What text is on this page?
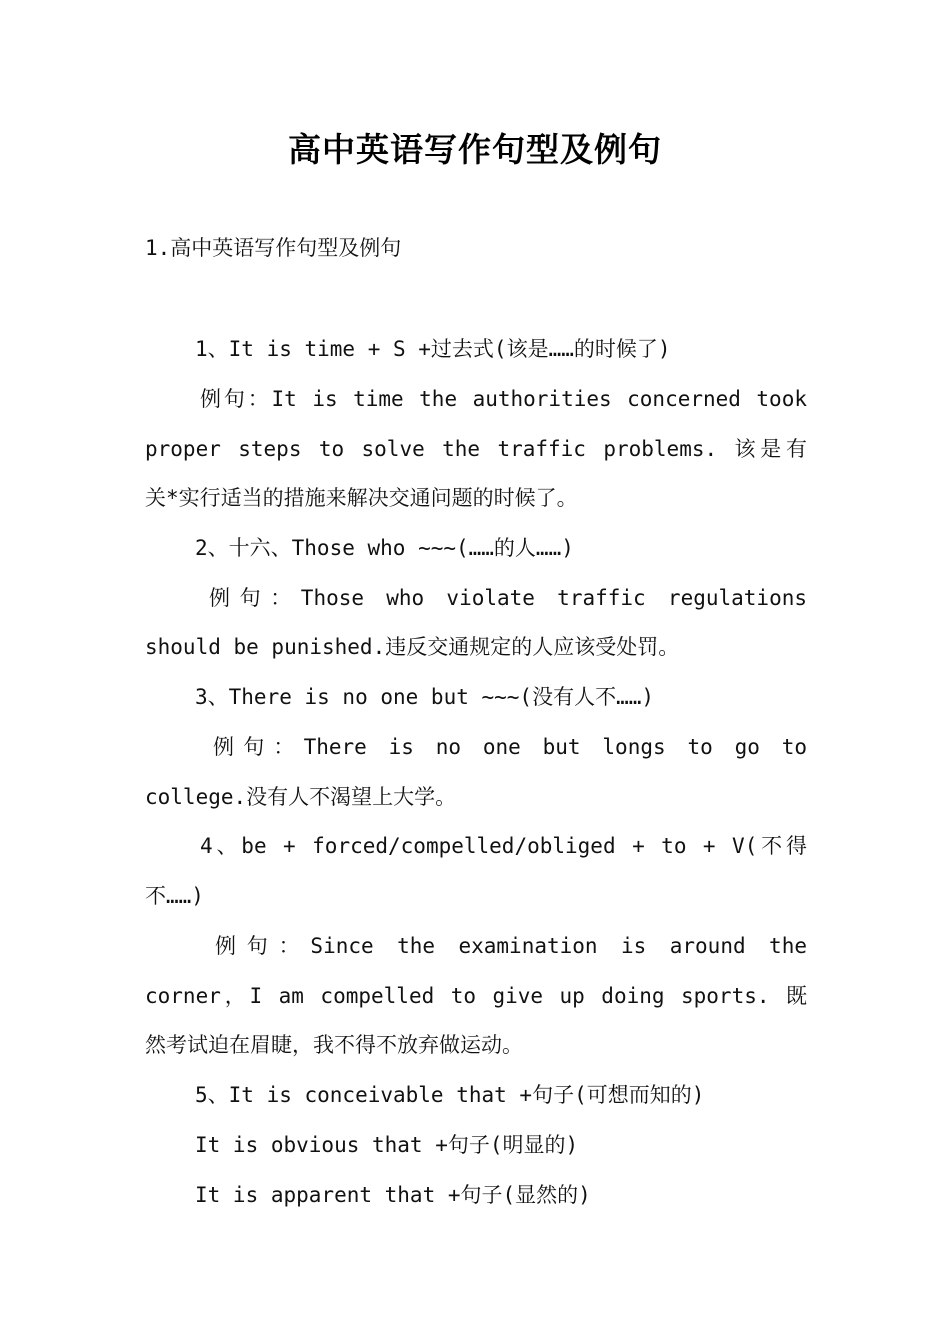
高中英语写作句型及例句
1.高中英语写作句型及例句
1、It is time + S +过去式(该是……的时候了)
例句：It is time the authorities concerned took
proper steps to solve the traffic problems. 该是有
关*实行适当的措施来解决交通问题的时候了。
2、十六、Those who ~~~(……的人……)
例句：Those who violate traffic regulations
should be punished.违反交通规定的人应该受处罚。
3、There is no one but ~~~(没有人不……)
例句：There is no one but longs to go to
college.没有人不渴望上大学。
4、be + forced/compelled/obliged + to + V(不得
不……)
例句：Since the examination is around the
corner，I am compelled to give up doing sports. 既
然考试迫在眉睫，我不得不放弃做运动。
5、It is conceivable that +句子(可想而知的)
It is obvious that +句子(明显的)
It is apparent that +句子(显然的)
